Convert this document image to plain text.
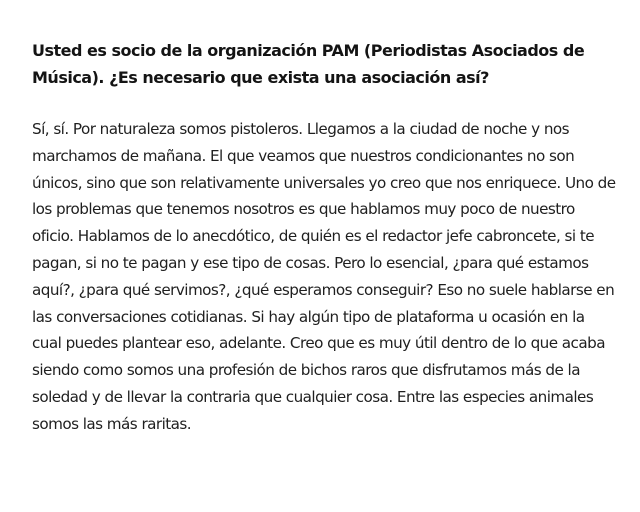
Usted es socio de la organización PAM (Periodistas Asociados de Música). ¿Es necesario que exista una asociación así?

Sí, sí. Por naturaleza somos pistoleros. Llegamos a la ciudad de noche y nos marchamos de mañana. El que veamos que nuestros condicionantes no son únicos, sino que son relativamente universales yo creo que nos enriquece. Uno de los problemas que tenemos nosotros es que hablamos muy poco de nuestro oficio. Hablamos de lo anecdótico, de quién es el redactor jefe cabroncete, si te pagan, si no te pagan y ese tipo de cosas. Pero lo esencial, ¿para qué estamos aquí?, ¿para qué servimos?, ¿qué esperamos conseguir? Eso no suele hablarse en las conversaciones cotidianas. Si hay algún tipo de plataforma u ocasión en la cual puedes plantear eso, adelante. Creo que es muy útil dentro de lo que acaba siendo como somos una profesión de bichos raros que disfrutamos más de la soledad y de llevar la contraria que cualquier cosa. Entre las especies animales somos las más raritas.
